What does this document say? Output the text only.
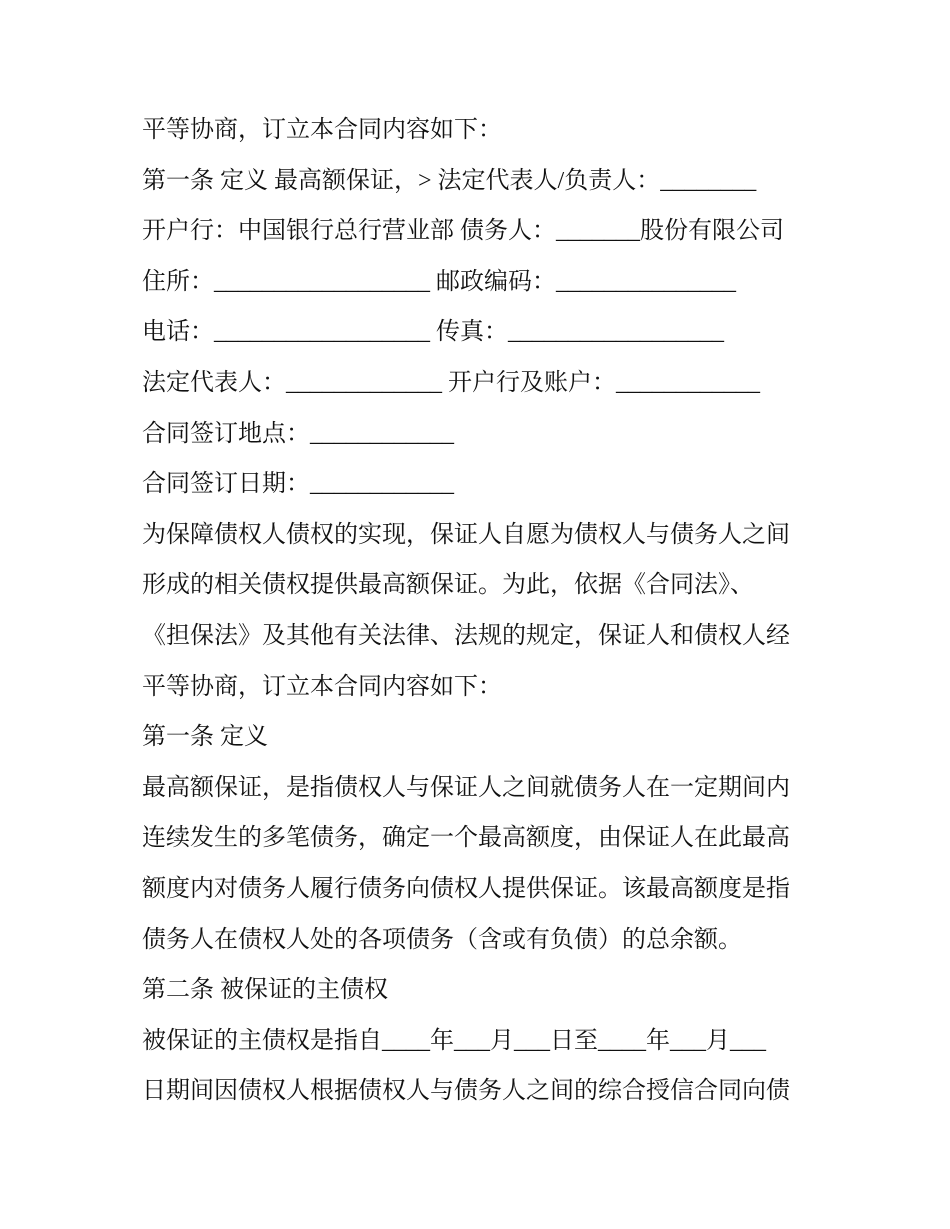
平等协商，订立本合同内容如下：
第一条 定义 最高额保证，> 法定代表人/负责人：________
开户行：中国银行总行营业部 债务人：_______股份有限公司
住所：__________________ 邮政编码：_______________
电话：__________________ 传真：__________________
法定代表人：_____________ 开户行及账户：____________
合同签订地点：____________
合同签订日期：____________
为保障债权人债权的实现，保证人自愿为债权人与债务人之间
形成的相关债权提供最高额保证。为此，依据《合同法》、
《担保法》及其他有关法律、法规的规定，保证人和债权人经
平等协商，订立本合同内容如下：
第一条 定义
最高额保证，是指债权人与保证人之间就债务人在一定期间内
连续发生的多笔债务，确定一个最高额度，由保证人在此最高
额度内对债务人履行债务向债权人提供保证。该最高额度是指
债务人在债权人处的各项债务（含或有负债）的总余额。
第二条 被保证的主债权
被保证的主债权是指自____年___月___日至____年___月___
日期间因债权人根据债权人与债务人之间的综合授信合同向债
